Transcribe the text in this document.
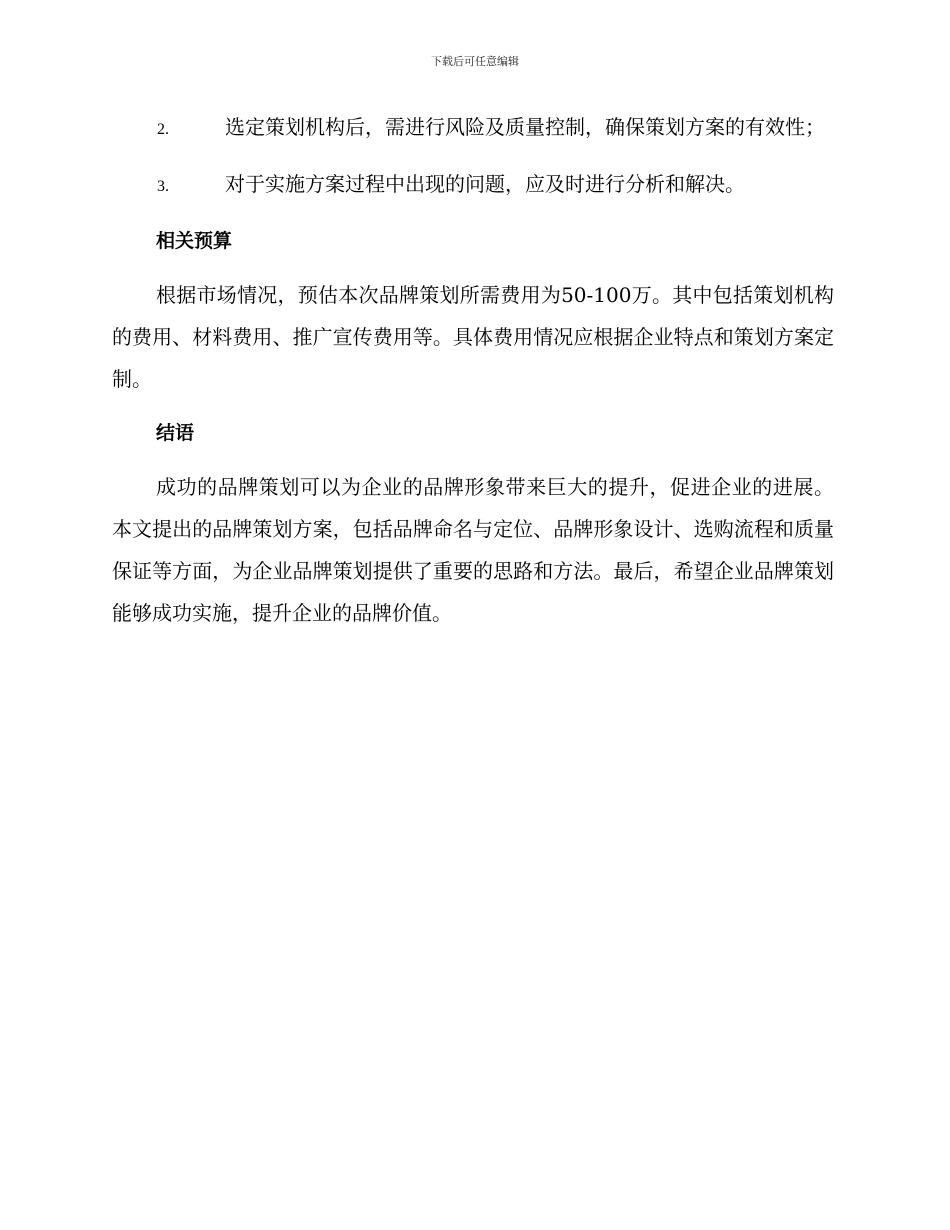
下载后可任意编辑

2.	选定策划机构后，需进行风险及质量控制，确保策划方案的有效性；

3.	对于实施方案过程中出现的问题，应及时进行分析和解决。

相关预算

根据市场情况，预估本次品牌策划所需费用为50-100万。其中包括策划机构的费用、材料费用、推广宣传费用等。具体费用情况应根据企业特点和策划方案定制。

结语

成功的品牌策划可以为企业的品牌形象带来巨大的提升，促进企业的进展。本文提出的品牌策划方案，包括品牌命名与定位、品牌形象设计、选购流程和质量保证等方面，为企业品牌策划提供了重要的思路和方法。最后，希望企业品牌策划能够成功实施，提升企业的品牌价值。
